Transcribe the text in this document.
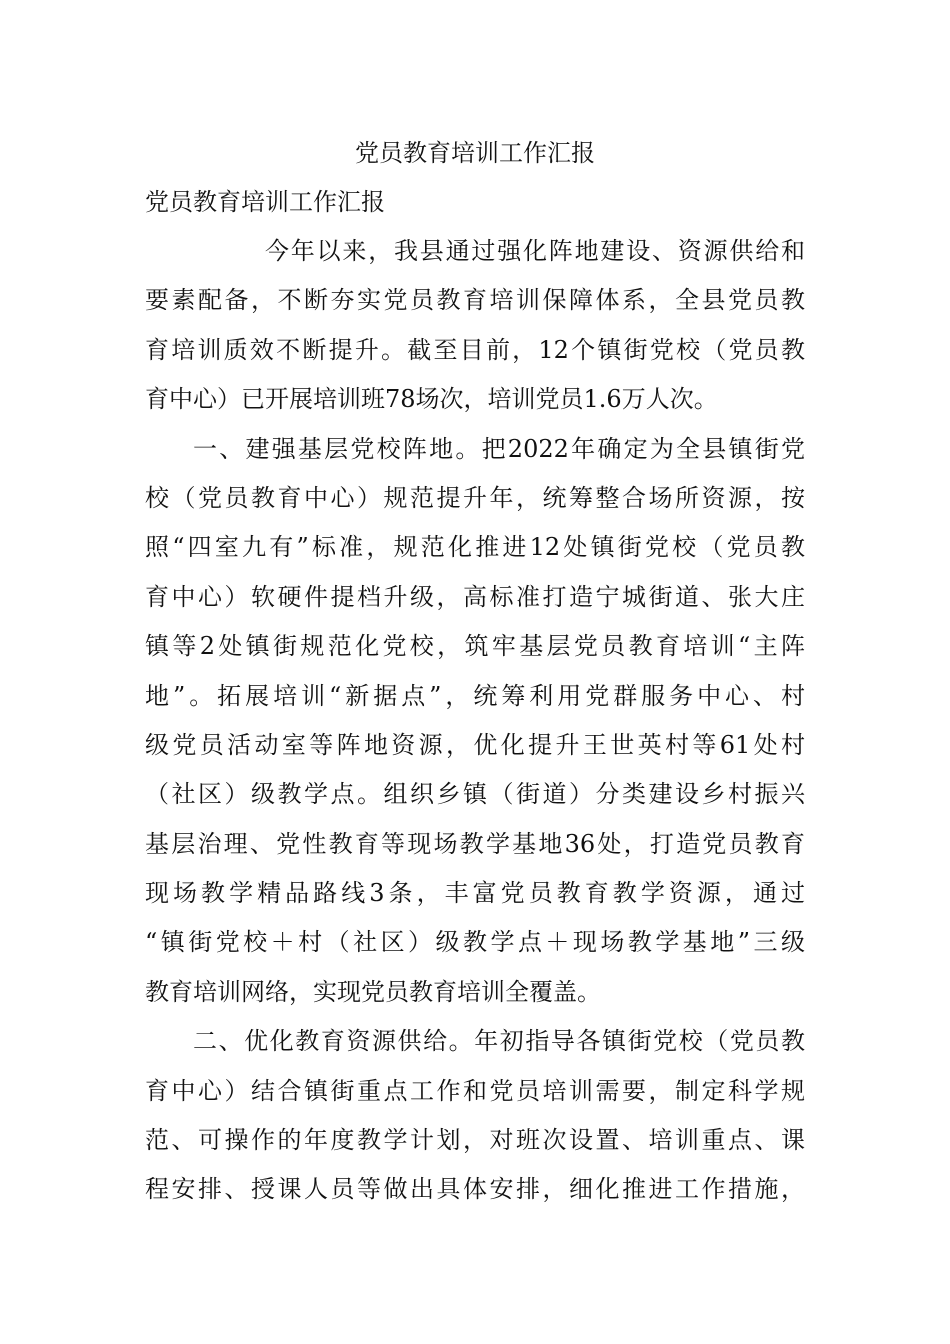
党员教育培训工作汇报

党员教育培训工作汇报

今年以来，我县通过强化阵地建设、资源供给和
要素配备，不断夯实党员教育培训保障体系，全县党员教
育培训质效不断提升。截至目前，12个镇街党校（党员教
育中心）已开展培训班78场次，培训党员1.6万人次。
一、建强基层党校阵地。把2022年确定为全县镇街党
校（党员教育中心）规范提升年，统筹整合场所资源，按
照“四室九有”标准，规范化推进12处镇街党校（党员教
育中心）软硬件提档升级，高标准打造宁城街道、张大庄
镇等2处镇街规范化党校，筑牢基层党员教育培训“主阵
地”。拓展培训“新据点”，统筹利用党群服务中心、村
级党员活动室等阵地资源，优化提升王世英村等61处村
（社区）级教学点。组织乡镇（街道）分类建设乡村振兴
基层治理、党性教育等现场教学基地36处，打造党员教育
现场教学精品路线3条，丰富党员教育教学资源，通过
“镇街党校＋村（社区）级教学点＋现场教学基地”三级
教育培训网络，实现党员教育培训全覆盖。
二、优化教育资源供给。年初指导各镇街党校（党员教
育中心）结合镇街重点工作和党员培训需要，制定科学规
范、可操作的年度教学计划，对班次设置、培训重点、课
程安排、授课人员等做出具体安排，细化推进工作措施，
